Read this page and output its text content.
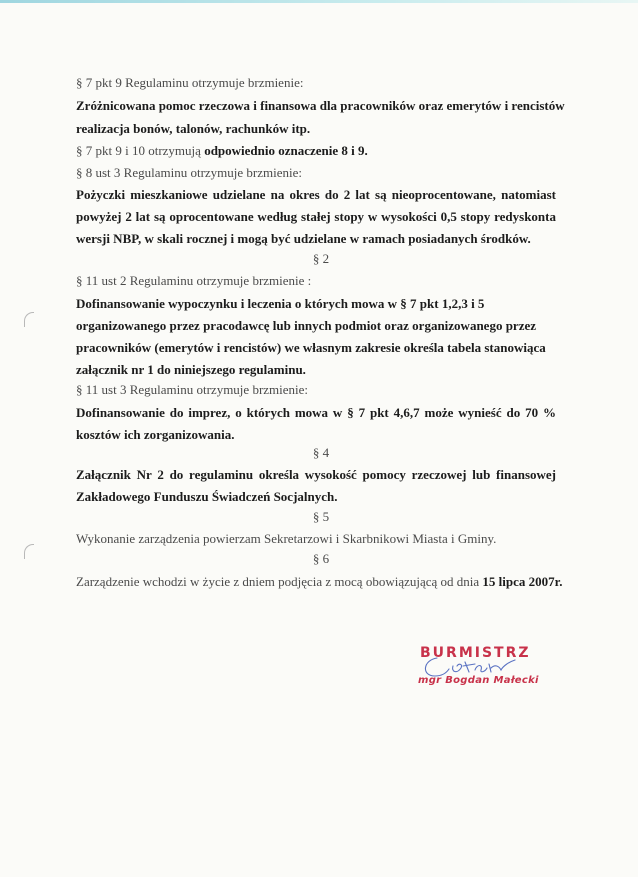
§ 7 pkt 9 Regulaminu otrzymuje brzmienie:
Zróżnicowana pomoc rzeczowa i finansowa dla pracowników oraz emerytów i rencistów
realizacja bonów, talonów, rachunków itp.
§ 7 pkt 9 i 10 otrzymują odpowiednio oznaczenie 8 i 9.
§ 8 ust 3 Regulaminu otrzymuje brzmienie:
Pożyczki mieszkaniowe udzielane na okres do 2 lat są nieoprocentowane, natomiast
powyżej 2 lat są oprocentowane według stałej stopy w wysokości 0,5 stopy redyskonta
wersji NBP, w skali rocznej i mogą być udzielane w ramach posiadanych środków.
§ 2
§ 11 ust 2 Regulaminu otrzymuje brzmienie :
Dofinansowanie wypoczynku i leczenia o których mowa w § 7 pkt 1,2,3 i 5
organizowanego przez pracodawcę lub innych podmiot oraz organizowanego przez
pracowników (emerytów i rencistów) we własnym zakresie określa tabela stanowiąca
załącznik nr 1 do niniejszego regulaminu.
§ 11 ust 3 Regulaminu otrzymuje brzmienie:
Dofinansowanie do imprez, o których mowa w § 7 pkt 4,6,7 może wynieść do 70 %
kosztów ich zorganizowania.
§ 4
Załącznik Nr 2 do regulaminu określa wysokość pomocy rzeczowej lub finansowej
Zakładowego Funduszu Świadczeń Socjalnych.
§ 5
Wykonanie zarządzenia powierzam Sekretarzowi i Skarbnikowi Miasta i Gminy.
§ 6
Zarządzenie wchodzi w życie z dniem podjęcia z mocą obowiązującą od dnia 15 lipca 2007r.
BURMISTRZ
mgr Bogdan Małecki
